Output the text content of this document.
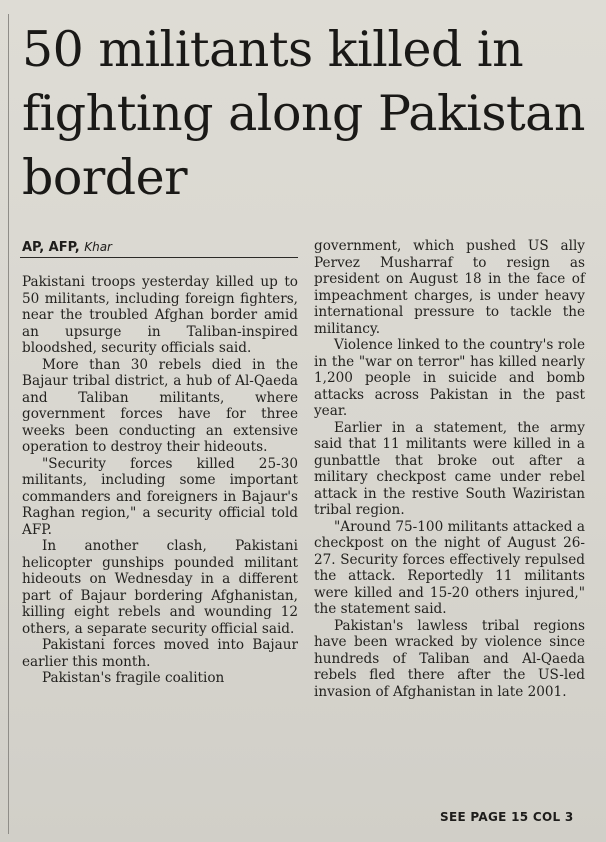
50 militants killed in fighting along Pakistan border
AP, AFP, Khar

Pakistani troops yesterday killed up to 50 militants, including foreign fighters, near the troubled Afghan border amid an upsurge in Taliban-inspired bloodshed, security officials said.

More than 30 rebels died in the Bajaur tribal district, a hub of Al-Qaeda and Taliban militants, where government forces have for three weeks been conducting an extensive operation to destroy their hideouts.

"Security forces killed 25-30 militants, including some important commanders and foreigners in Bajaur's Raghan region," a security official told AFP.

In another clash, Pakistani helicopter gunships pounded militant hideouts on Wednesday in a different part of Bajaur bordering Afghanistan, killing eight rebels and wounding 12 others, a separate security official said.

Pakistani forces moved into Bajaur earlier this month.

Pakistan's fragile coalition

government, which pushed US ally Pervez Musharraf to resign as president on August 18 in the face of impeachment charges, is under heavy international pressure to tackle the militancy.

Violence linked to the country's role in the "war on terror" has killed nearly 1,200 people in suicide and bomb attacks across Pakistan in the past year.

Earlier in a statement, the army said that 11 militants were killed in a gunbattle that broke out after a military checkpost came under rebel attack in the restive South Waziristan tribal region.

"Around 75-100 militants attacked a checkpost on the night of August 26-27. Security forces effectively repulsed the attack. Reportedly 11 militants were killed and 15-20 others injured," the statement said.

Pakistan's lawless tribal regions have been wracked by violence since hundreds of Taliban and Al-Qaeda rebels fled there after the US-led invasion of Afghanistan in late 2001.

SEE PAGE 15 COL 3
